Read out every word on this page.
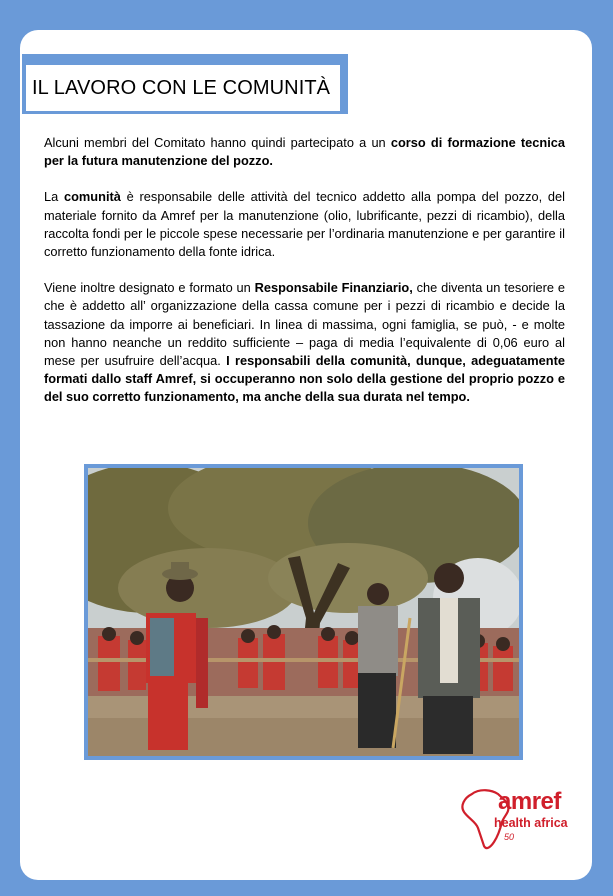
IL LAVORO CON LE COMUNITÀ

Alcuni membri del Comitato hanno quindi partecipato a un corso di formazione tecnica per la futura manutenzione del pozzo.

La comunità è responsabile delle attività del tecnico addetto alla pompa del pozzo, del materiale fornito da Amref per la manutenzione (olio, lubrificante, pezzi di ricambio), della raccolta fondi per le piccole spese necessarie per l’ordinaria manutenzione e per garantire il corretto funzionamento della fonte idrica.

Viene inoltre designato e formato un Responsabile Finanziario, che diventa un tesoriere e che è addetto all’ organizzazione della cassa comune per i pezzi di ricambio e decide la tassazione da imporre ai beneficiari. In linea di massima, ogni famiglia, se può, - e molte non hanno neanche un reddito sufficiente – paga di media l’equivalente di 0,06 euro al mese per usufruire dell’acqua. I responsabili della comunità, dunque, adeguatamente formati dallo staff Amref, si occuperanno non solo della gestione del proprio pozzo e del suo corretto funzionamento, ma anche della sua durata nel tempo.

amref
health africa
50
